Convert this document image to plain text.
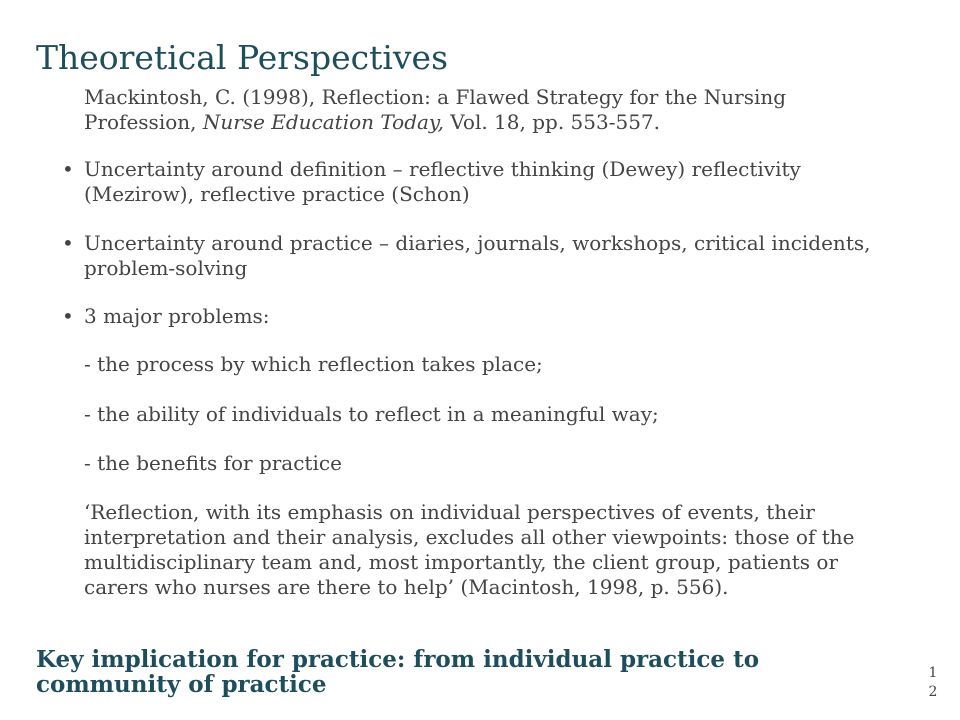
Theoretical Perspectives

Mackintosh, C. (1998), Reflection: a Flawed Strategy for the Nursing Profession, Nurse Education Today, Vol. 18, pp. 553-557.

• Uncertainty around definition – reflective thinking (Dewey) reflectivity (Mezirow), reflective practice (Schon)
• Uncertainty around practice – diaries, journals, workshops, critical incidents, problem-solving
• 3 major problems:

- the process by which reflection takes place;

- the ability of individuals to reflect in a meaningful way;

- the benefits for practice

‘Reflection, with its emphasis on individual perspectives of events, their interpretation and their analysis, excludes all other viewpoints: those of the multidisciplinary team and, most importantly, the client group, patients or carers who nurses are there to help’ (Macintosh, 1998, p. 556).

Key implication for practice: from individual practice to community of practice	12
